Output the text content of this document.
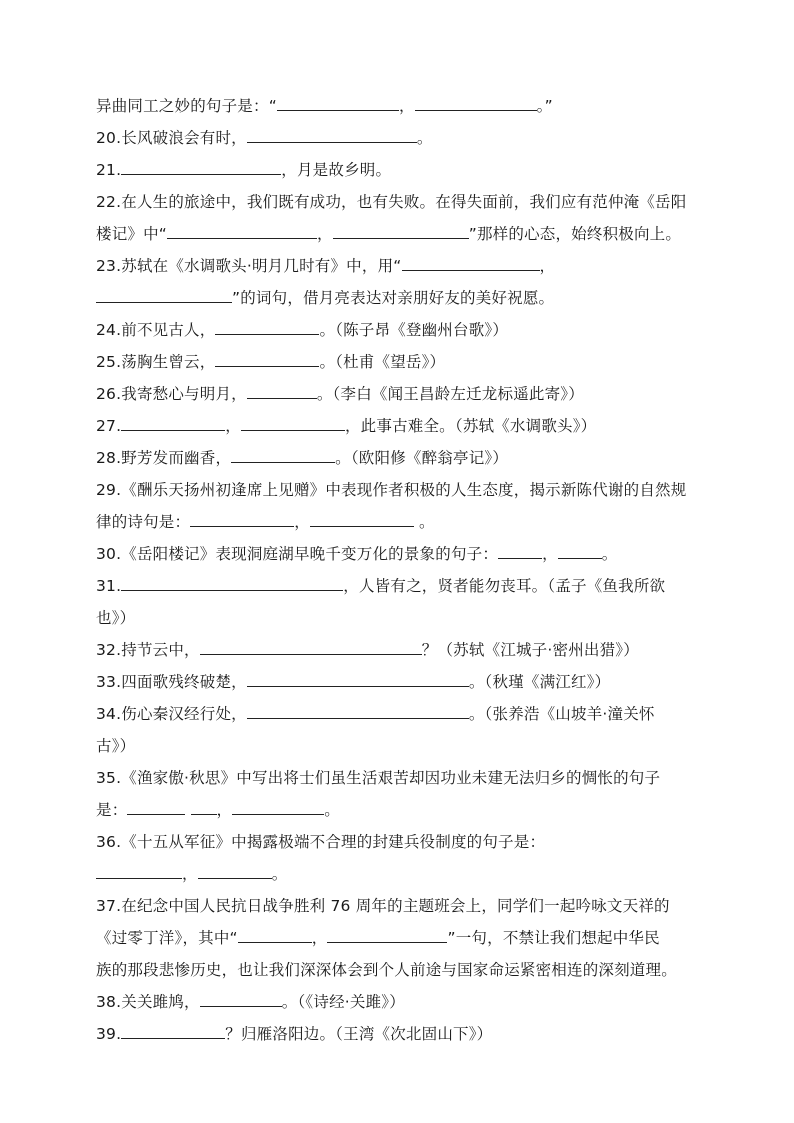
异曲同工之妙的句子是：“	，	。”
20.长风破浪会有时，	。
21.	，月是故乡明。
22.在人生的旅途中，我们既有成功，也有失败。在得失面前，我们应有范仲淹《岳阳
楼记》中“	，	”那样的心态，始终积极向上。
23.苏轼在《水调歌头·明月几时有》中，用“	，
”的词句，借月亮表达对亲朋好友的美好祝愿。
24.前不见古人，	。（陈子昂《登幽州台歌》）
25.荡胸生曾云，	。（杜甫《望岳》）
26.我寄愁心与明月，	。（李白《闻王昌龄左迁龙标遥此寄》）
27.	，	，此事古难全。（苏轼《水调歌头》）
28.野芳发而幽香，	。（欧阳修《醉翁亭记》）
29.《酬乐天扬州初逢席上见赠》中表现作者积极的人生态度，揭示新陈代谢的自然规
律的诗句是：	，	。
30.《岳阳楼记》表现洞庭湖早晚千变万化的景象的句子：	，	。
31.	，人皆有之，贤者能勿丧耳。（孟子《鱼我所欲
也》）
32.持节云中，	？（苏轼《江城子·密州出猎》）
33.四面歌残终破楚，	。（秋瑾《满江红》）
34.伤心秦汉经行处，	。（张养浩《山坡羊·潼关怀
古》）
35.《渔家傲·秋思》中写出将士们虽生活艰苦却因功业未建无法归乡的惆怅的句子
是：	，	。
36.《十五从军征》中揭露极端不合理的封建兵役制度的句子是：
，	。
37.在纪念中国人民抗日战争胜利 76 周年的主题班会上，同学们一起吟咏文天祥的
《过零丁洋》，其中“	，	”一句，不禁让我们想起中华民
族的那段悲惨历史，也让我们深深体会到个人前途与国家命运紧密相连的深刻道理。
38.关关雎鸠，	。（《诗经·关雎》）
39.	？归雁洛阳边。（王湾《次北固山下》）
